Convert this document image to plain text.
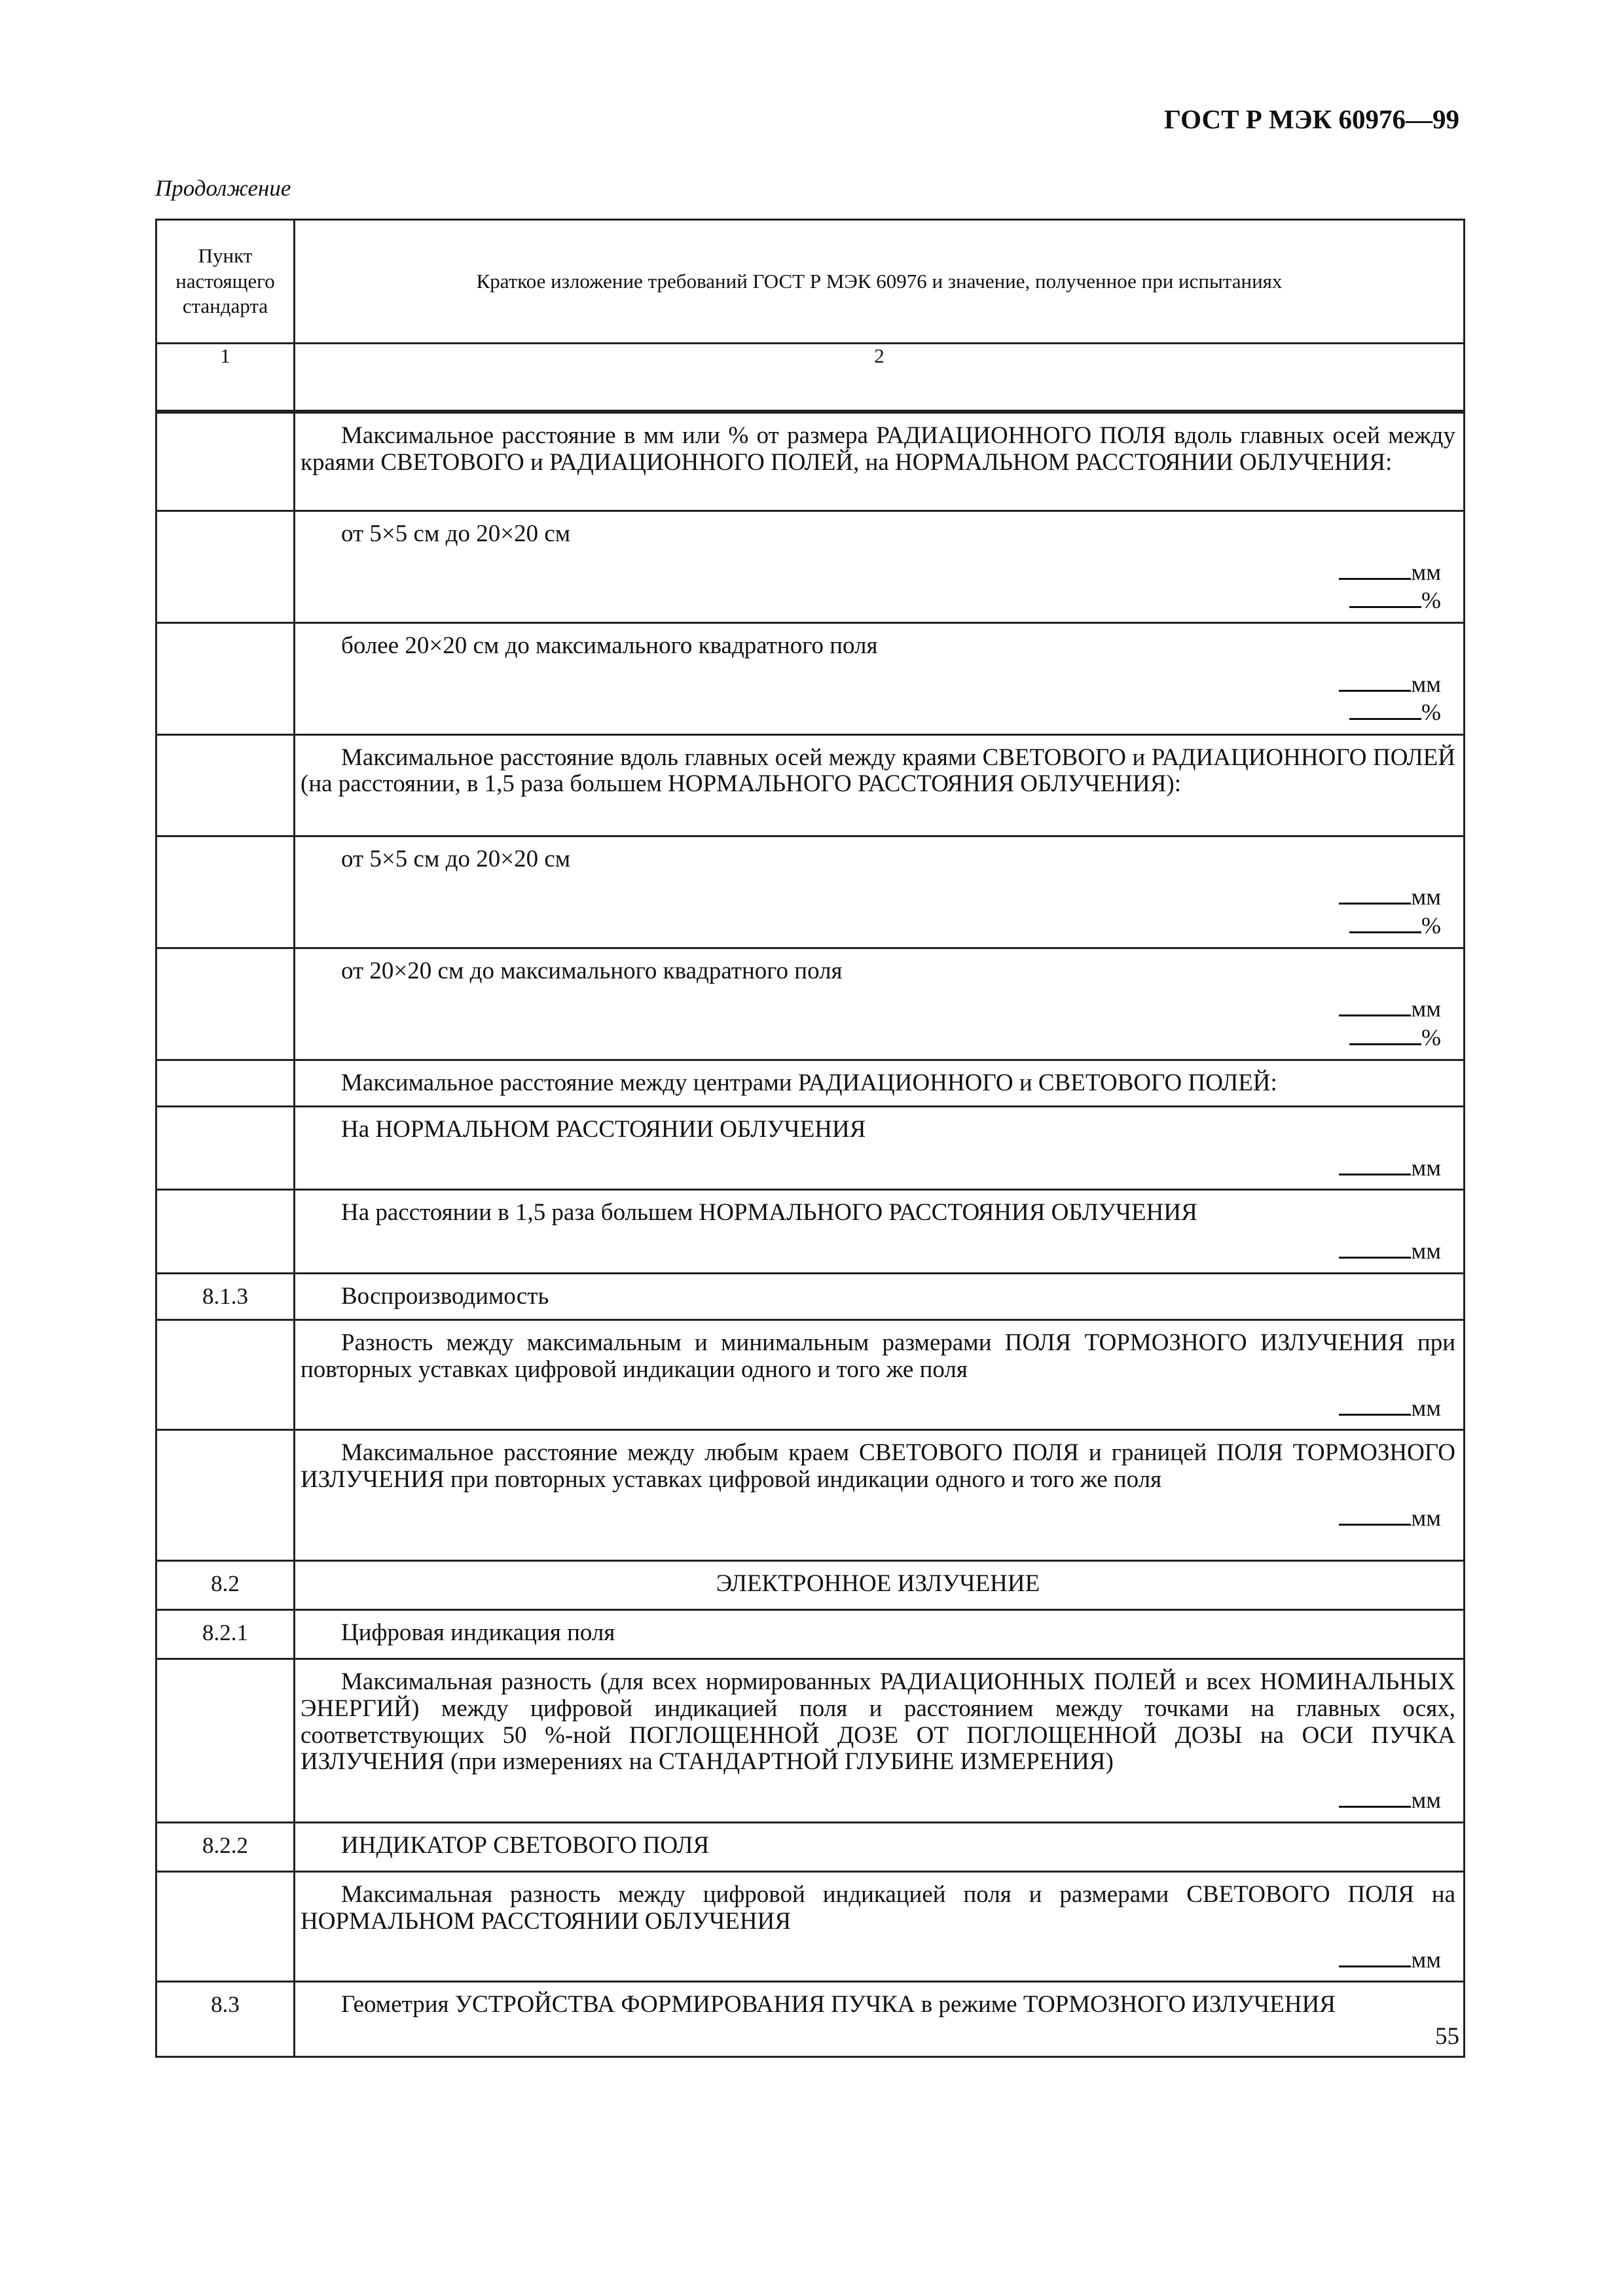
ГОСТ Р МЭК 60976—99
Продолжение
Пункт настоящего стандарта	Краткое изложение требований ГОСТ Р МЭК 60976 и значение, полученное при испытаниях

1	2

	Максимальное расстояние в мм или % от размера РАДИАЦИОННОГО ПОЛЯ вдоль главных осей между краями СВЕТОВОГО и РАДИАЦИОННОГО ПОЛЕЙ, на НОРМАЛЬНОМ РАССТОЯНИИ ОБЛУЧЕНИЯ:

	от 5×5 см до 20×20 см
мм
%

	более 20×20 см до максимального квадратного поля
мм
%

	Максимальное расстояние вдоль главных осей между краями СВЕТОВОГО и РАДИАЦИОННОГО ПОЛЕЙ (на расстоянии, в 1,5 раза большем НОРМАЛЬНОГО РАССТОЯНИЯ ОБЛУЧЕНИЯ):

	от 5×5 см до 20×20 см
мм
%

	от 20×20 см до максимального квадратного поля
мм
%

	Максимальное расстояние между центрами РАДИАЦИОННОГО и СВЕТОВОГО ПОЛЕЙ:

	На НОРМАЛЬНОМ РАССТОЯНИИ ОБЛУЧЕНИЯ
мм

	На расстоянии в 1,5 раза большем НОРМАЛЬНОГО РАССТОЯНИЯ ОБЛУЧЕНИЯ
мм

8.1.3	Воспроизводимость

	Разность между максимальным и минимальным размерами ПОЛЯ ТОРМОЗНОГО ИЗЛУЧЕНИЯ при повторных уставках цифровой индикации одного и того же поля
мм

	Максимальное расстояние между любым краем СВЕТОВОГО ПОЛЯ и границей ПОЛЯ ТОРМОЗНОГО ИЗЛУЧЕНИЯ при повторных уставках цифровой индикации одного и того же поля
мм

8.2	ЭЛЕКТРОННОЕ ИЗЛУЧЕНИЕ

8.2.1	Цифровая индикация поля

	Максимальная разность (для всех нормированных РАДИАЦИОННЫХ ПОЛЕЙ и всех НОМИНАЛЬНЫХ ЭНЕРГИЙ) между цифровой индикацией поля и расстоянием между точками на главных осях, соответствующих 50 %-ной ПОГЛОЩЕННОЙ ДОЗЕ ОТ ПОГЛОЩЕННОЙ ДОЗЫ на ОСИ ПУЧКА ИЗЛУЧЕНИЯ (при измерениях на СТАНДАРТНОЙ ГЛУБИНЕ ИЗМЕРЕНИЯ)
мм

8.2.2	ИНДИКАТОР СВЕТОВОГО ПОЛЯ

	Максимальная разность между цифровой индикацией поля и размерами СВЕТОВОГО ПОЛЯ на НОРМАЛЬНОМ РАССТОЯНИИ ОБЛУЧЕНИЯ
мм

8.3	Геометрия УСТРОЙСТВА ФОРМИРОВАНИЯ ПУЧКА в режиме ТОРМОЗНОГО ИЗЛУЧЕНИЯ
55
